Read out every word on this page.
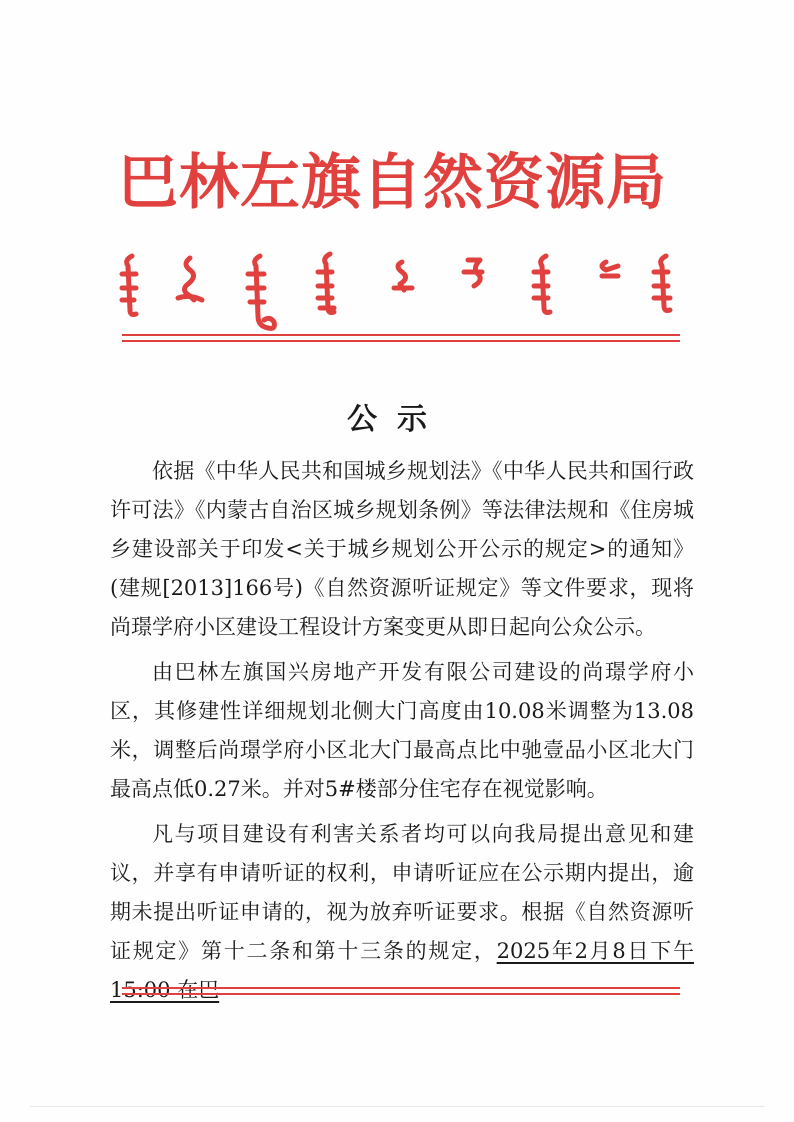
巴林左旗自然资源局
公示

依据《中华人民共和国城乡规划法》《中华人民共和国行政许可法》《内蒙古自治区城乡规划条例》等法律法规和《住房城乡建设部关于印发<关于城乡规划公开公示的规定>的通知》(建规[2013]166号)《自然资源听证规定》等文件要求，现将尚璟学府小区建设工程设计方案变更从即日起向公众公示。

由巴林左旗国兴房地产开发有限公司建设的尚璟学府小区，其修建性详细规划北侧大门高度由10.08米调整为13.08米，调整后尚璟学府小区北大门最高点比中驰壹品小区北大门最高点低0.27米。并对5#楼部分住宅存在视觉影响。

凡与项目建设有利害关系者均可以向我局提出意见和建议，并享有申请听证的权利，申请听证应在公示期内提出，逾期未提出听证申请的，视为放弃听证要求。根据《自然资源听证规定》第十二条和第十三条的规定，2025年2月8日下午15:00 在巴
